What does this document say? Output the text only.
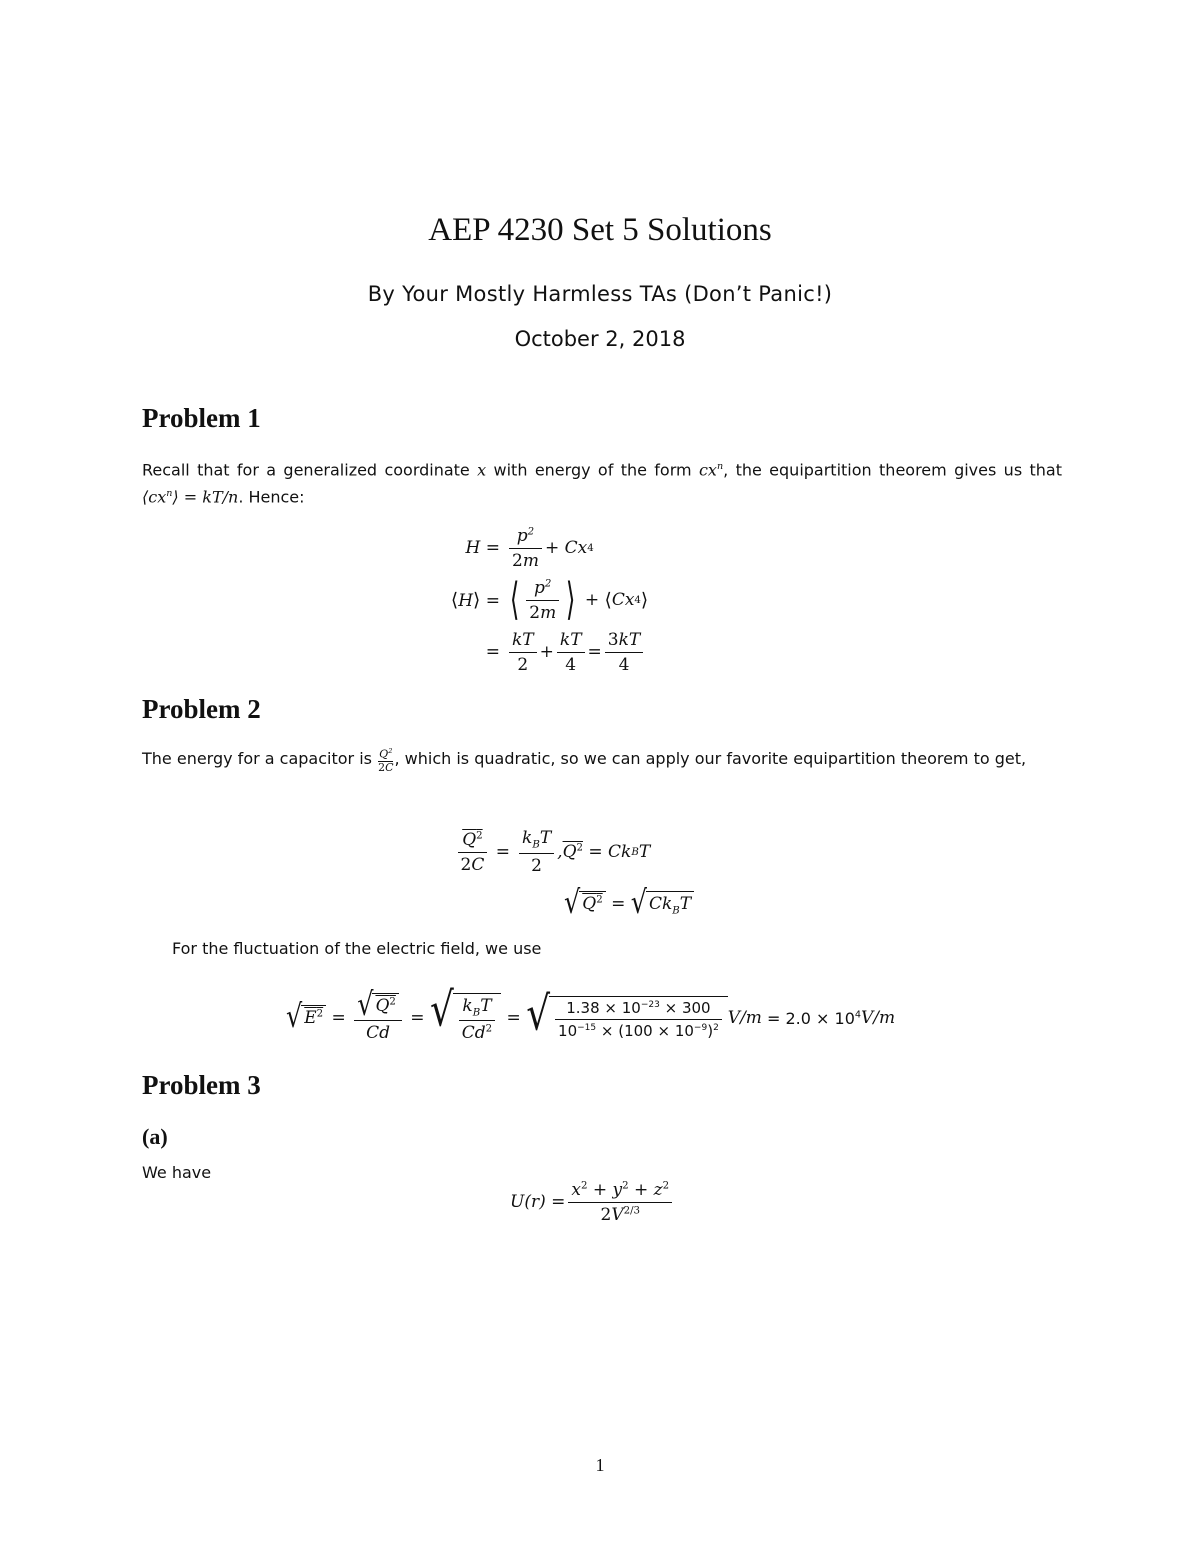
AEP 4230 Set 5 Solutions
By Your Mostly Harmless TAs (Don’t Panic!)
October 2, 2018
Problem 1
Recall that for a generalized coordinate x with energy of the form $cx^n$, the equipartition theorem gives us that $⟨cx^n⟩ = kT/n$. Hence:
$H = \frac{p^2}{2m} + Cx$ 4
⟨H⟩ = ⟨ $\frac{p^2}{2m}$ ⟩ + ⟨ Cx 4 ⟩
= $\frac{kT}{2} + \frac{kT}{4} = \frac{3kT}{4}$
Problem 2
The energy for a capacitor is $\frac{Q^2}{2C}$ , which is quadratic, so we can apply our favorite equipartition theorem to get,
$\frac{Q^2}{2C} = \frac{k_BT}{2}$ , $Q^2$
= Ck B T
√ $Q^2$
=
√ $Ck_BT$
For the fluctuation of the electric field, we use
√ $E^2 = \frac{√ Q^2}{Cd}$ = √ $\frac{k_BT}{Cd^2}$ = √ $\frac{1.38 \times 10^{-23} \times 300}{10^{-15} \times (100 \times 10^{-9})^2} V/m = 2.0 \times 10^4$ V/m
Problem 3
(a)
We have
$U(r) = \frac{x^2 + y^2 + z^2}{2V^{2/3}}$
1
